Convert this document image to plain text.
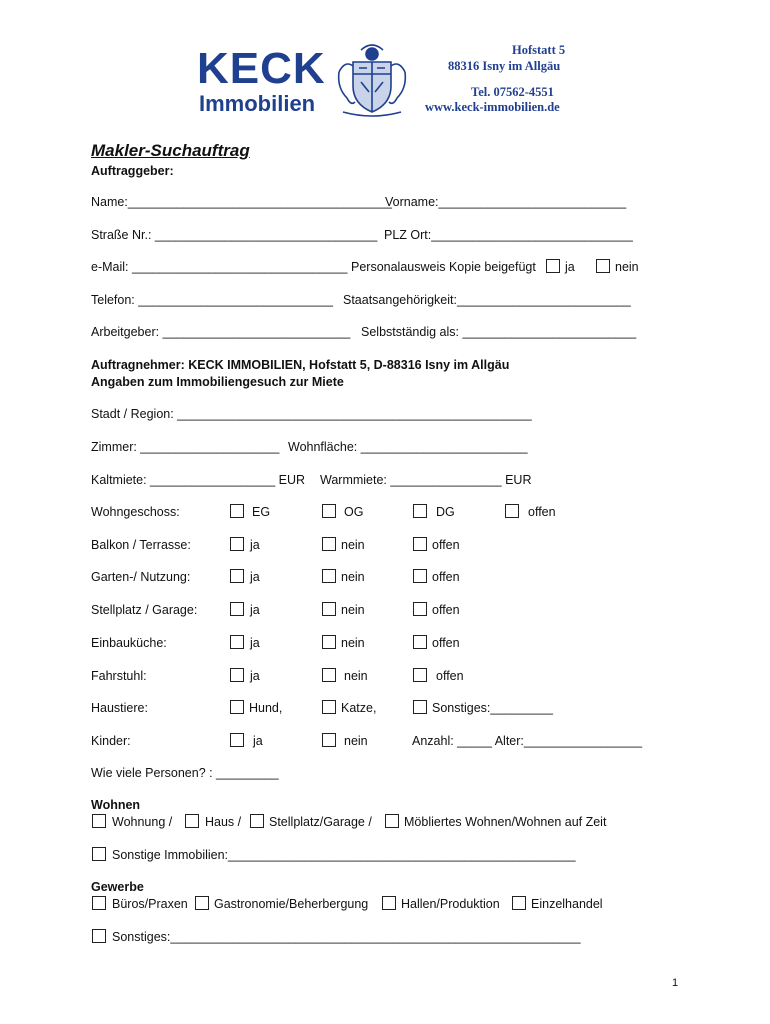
KECK
Immobilien
Hofstatt 5
88316 Isny im Allgäu
Tel. 07562-4551
www.keck-immobilien.de
Makler-Suchauftrag
Auftraggeber:
Name:______________________________________
Vorname:___________________________
Straße Nr.: ________________________________ PLZ Ort:_____________________________
e-Mail: _______________________________ Personalausweis Kopie beigefügt ja	nein
Telefon: ____________________________ Staatsangehörigkeit:_________________________
Arbeitgeber: ___________________________ Selbstständig als: _________________________
Auftragnehmer: KECK IMMOBILIEN, Hofstatt 5, D-88316 Isny im Allgäu
Angaben zum Immobiliengesuch zur Miete
Stadt / Region: ___________________________________________________
Zimmer: ____________________ Wohnfläche: ________________________
Kaltmiete: __________________ EUR Warmmiete: ________________ EUR
Wohngeschoss:	EG	OG	DG	offen
Balkon / Terrasse:	ja	nein	offen
Garten-/ Nutzung:	ja	nein	offen
Stellplatz / Garage:	ja	nein	offen
Einbauküche:	ja	nein	offen
Fahrstuhl:	ja	nein	offen
Haustiere:	Hund,	Katze,	Sonstiges:_________
Kinder:	ja	nein	Anzahl: _____ Alter:_________________
Wie viele Personen? : _________
Wohnen
Wohnung /	Haus / Stellplatz/Garage /	Möbliertes Wohnen/Wohnen auf Zeit
Sonstige Immobilien:__________________________________________________
Gewerbe
Büros/Praxen Gastronomie/Beherbergung	Hallen/Produktion	Einzelhandel
Sonstiges:___________________________________________________________
1
